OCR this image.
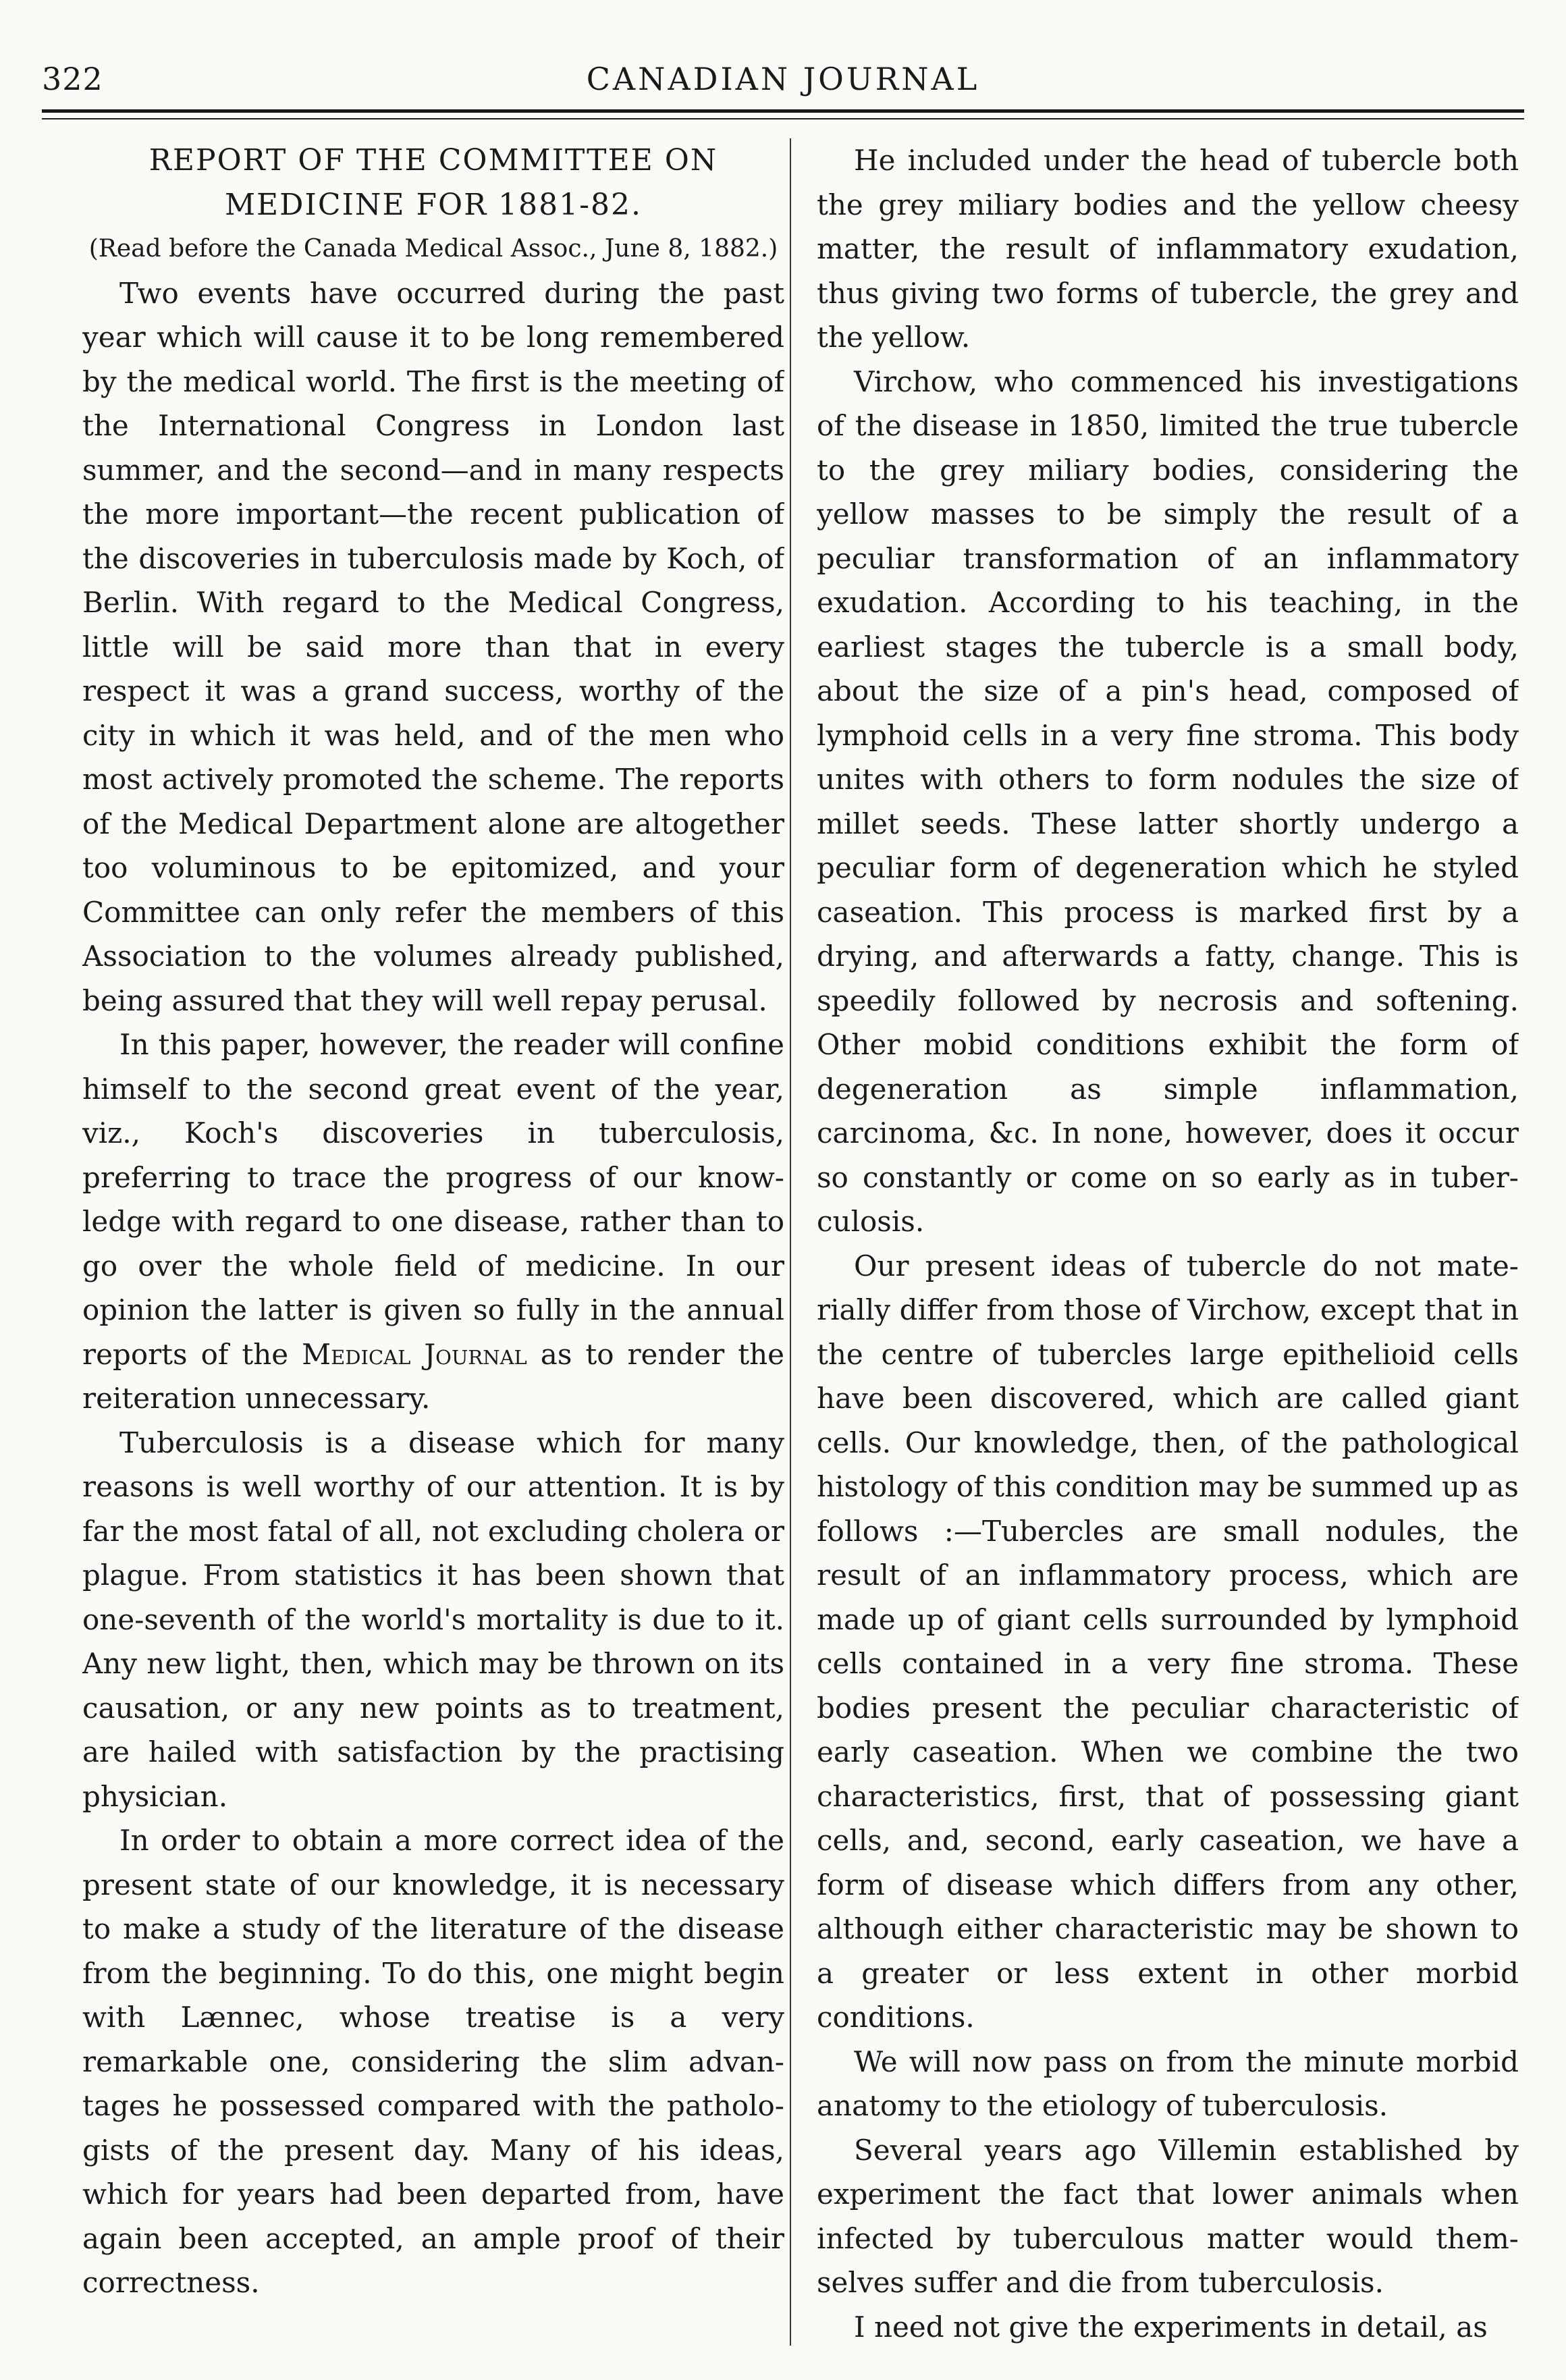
322	CANADIAN JOURNAL
REPORT OF THE COMMITTEE ON
MEDICINE FOR 1881-82.

(Read before the Canada Medical Assoc., June 8, 1882.)

Two events have occurred during the past year which will cause it to be long remembered by the medical world. The first is the meeting of the International Congress in London last summer, and the second—and in many respects the more important—the recent publication of the discoveries in tuberculosis made by Koch, of Berlin. With regard to the Medical Congress, little will be said more than that in every respect it was a grand success, worthy of the city in which it was held, and of the men who most actively promoted the scheme. The reports of the Medical Department alone are altogether too voluminous to be epitomized, and your Committee can only refer the members of this Association to the volumes already published, being assured that they will well repay perusal.

In this paper, however, the reader will confine himself to the second great event of the year, viz., Koch's discoveries in tuberculosis, preferring to trace the progress of our knowledge with regard to one disease, rather than to go over the whole field of medicine. In our opinion the latter is given so fully in the annual reports of the Medical Journal as to render the reiteration unnecessary.

Tuberculosis is a disease which for many reasons is well worthy of our attention. It is by far the most fatal of all, not excluding cholera or plague. From statistics it has been shown that one-seventh of the world's mortality is due to it. Any new light, then, which may be thrown on its causation, or any new points as to treatment, are hailed with satisfaction by the practising physician.

In order to obtain a more correct idea of the present state of our knowledge, it is necessary to make a study of the literature of the disease from the beginning. To do this, one might begin with Lænnec, whose treatise is a very remarkable one, considering the slim advantages he possessed compared with the pathologists of the present day. Many of his ideas, which for years had been departed from, have again been accepted, an ample proof of their correctness.

He included under the head of tubercle both the grey miliary bodies and the yellow cheesy matter, the result of inflammatory exudation, thus giving two forms of tubercle, the grey and the yellow.

Virchow, who commenced his investigations of the disease in 1850, limited the true tubercle to the grey miliary bodies, considering the yellow masses to be simply the result of a peculiar transformation of an inflammatory exudation. According to his teaching, in the earliest stages the tubercle is a small body, about the size of a pin's head, composed of lymphoid cells in a very fine stroma. This body unites with others to form nodules the size of millet seeds. These latter shortly undergo a peculiar form of degeneration which he styled caseation. This process is marked first by a drying, and afterwards a fatty, change. This is speedily followed by necrosis and softening. Other mobid conditions exhibit the form of degeneration as simple inflammation, carcinoma, &c. In none, however, does it occur so constantly or come on so early as in tuberculosis.

Our present ideas of tubercle do not materially differ from those of Virchow, except that in the centre of tubercles large epithelioid cells have been discovered, which are called giant cells. Our knowledge, then, of the pathological histology of this condition may be summed up as follows :—Tubercles are small nodules, the result of an inflammatory process, which are made up of giant cells surrounded by lymphoid cells contained in a very fine stroma. These bodies present the peculiar characteristic of early caseation. When we combine the two characteristics, first, that of possessing giant cells, and, second, early caseation, we have a form of disease which differs from any other, although either characteristic may be shown to a greater or less extent in other morbid conditions.

We will now pass on from the minute morbid anatomy to the etiology of tuberculosis.

Several years ago Villemin established by experiment the fact that lower animals when infected by tuberculous matter would themselves suffer and die from tuberculosis.

I need not give the experiments in detail, as
